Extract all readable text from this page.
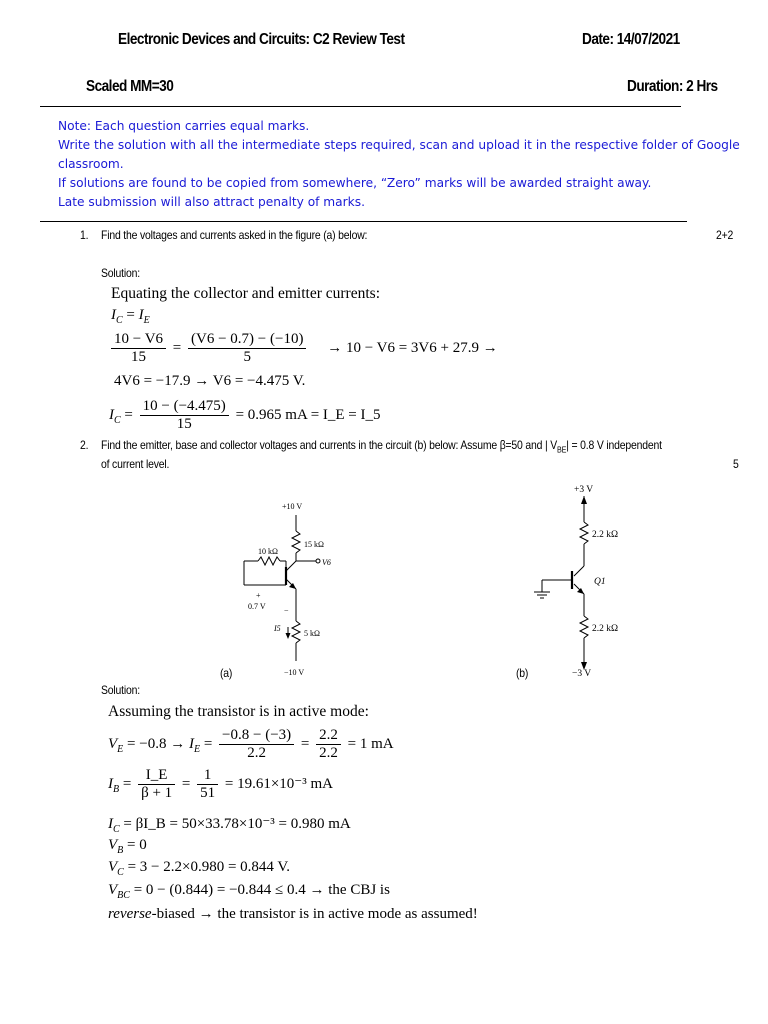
Electronic Devices and Circuits: C2 Review Test	Date: 14/07/2021
Scaled MM=30	Duration: 2 Hrs
Note: Each question carries equal marks.
Write the solution with all the intermediate steps required, scan and upload it in the respective folder of Google
classroom.
If solutions are found to be copied from somewhere, “Zero” marks will be awarded straight away.
Late submission will also attract penalty of marks.
1. Find the voltages and currents asked in the figure (a) below:	2+2
Solution:
Equating the collector and emitter currents:
$I_C = I_E$
$\frac{10 - V6}{15} = \frac{(V6 - 0.7) - (-10)}{5} \to 10 - V6 = 3V6 + 27.9$ →
4V6 = −17.9 → V6 = −4.475 V.
$I_C = \frac{10 - (-4.475)}{15} = 0.965$ mA = I_E = I_5
2. Find the emitter, base and collector voltages and currents in the circuit (b) below: Assume β=50 and | $V_{BE}| = 0.8$ V independent
of current level.	5
+10 V
15 kΩ
10 kΩ
V6
+
0.7 V −
I5
5 kΩ
−10 V
(a)
+3 V
2.2 kΩ
Q1
2.2 kΩ
−3 V
(b)
Solution:
Assuming the transistor is in active mode:
$V_E = -0.8 \to I_E = \frac{-0.8 - (-3)}{2.2} = \frac{2.2}{2.2} = 1$ mA
$I_B = \frac{I\_E}{\beta + 1} = \frac{1}{51} = 19.61\times 10^{-3}$ mA
$I_C$ = βI_B = 50×33.78×10⁻³ = 0.980 mA
$V_B = 0$
$V_C = 3 - 2.2\times 0.980 = 0.844$ V.
$V_{BC} = 0 - (0.844) = -0.844 \le 0.4$ → the CBJ is
reverse-biased → the transistor is in active mode as assumed!
